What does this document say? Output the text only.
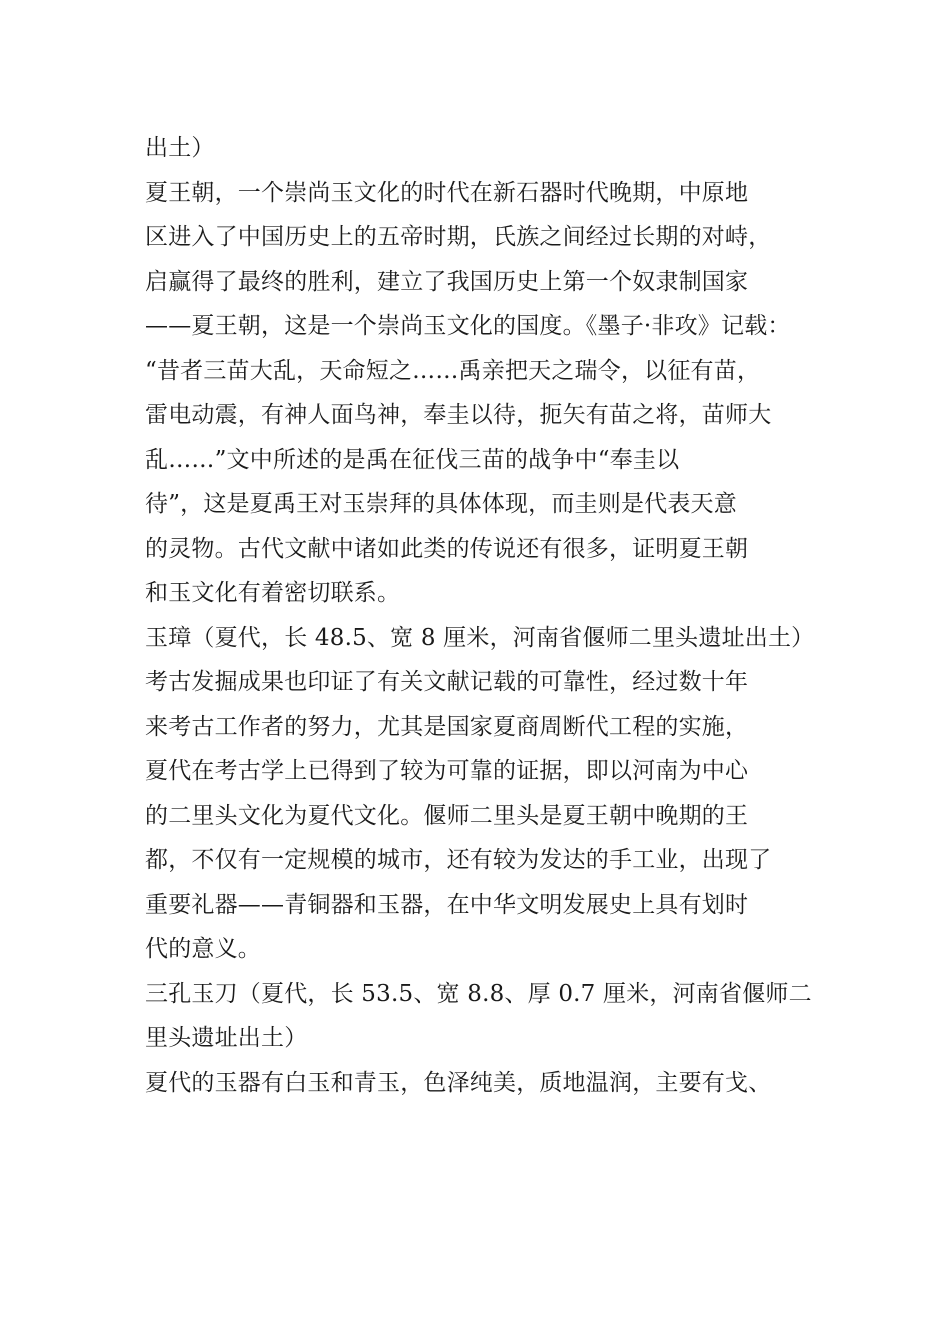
出土）
夏王朝，一个崇尚玉文化的时代在新石器时代晚期，中原地
区进入了中国历史上的五帝时期，氏族之间经过长期的对峙，
启赢得了最终的胜利，建立了我国历史上第一个奴隶制国家
——夏王朝，这是一个崇尚玉文化的国度。《墨子·非攻》记载：
“昔者三苗大乱，天命短之……禹亲把天之瑞令，以征有苗，
雷电动震，有神人面鸟神，奉圭以待，扼矢有苗之将，苗师大
乱……”文中所述的是禹在征伐三苗的战争中“奉圭以
待”，这是夏禹王对玉崇拜的具体体现，而圭则是代表天意
的灵物。古代文献中诸如此类的传说还有很多，证明夏王朝
和玉文化有着密切联系。
玉璋（夏代，长 48.5、宽 8 厘米，河南省偃师二里头遗址出土）
考古发掘成果也印证了有关文献记载的可靠性，经过数十年
来考古工作者的努力，尤其是国家夏商周断代工程的实施，
夏代在考古学上已得到了较为可靠的证据，即以河南为中心
的二里头文化为夏代文化。偃师二里头是夏王朝中晚期的王
都，不仅有一定规模的城市，还有较为发达的手工业，出现了
重要礼器——青铜器和玉器，在中华文明发展史上具有划时
代的意义。
三孔玉刀（夏代，长 53.5、宽 8.8、厚 0.7 厘米，河南省偃师二
里头遗址出土）
夏代的玉器有白玉和青玉，色泽纯美，质地温润，主要有戈、
